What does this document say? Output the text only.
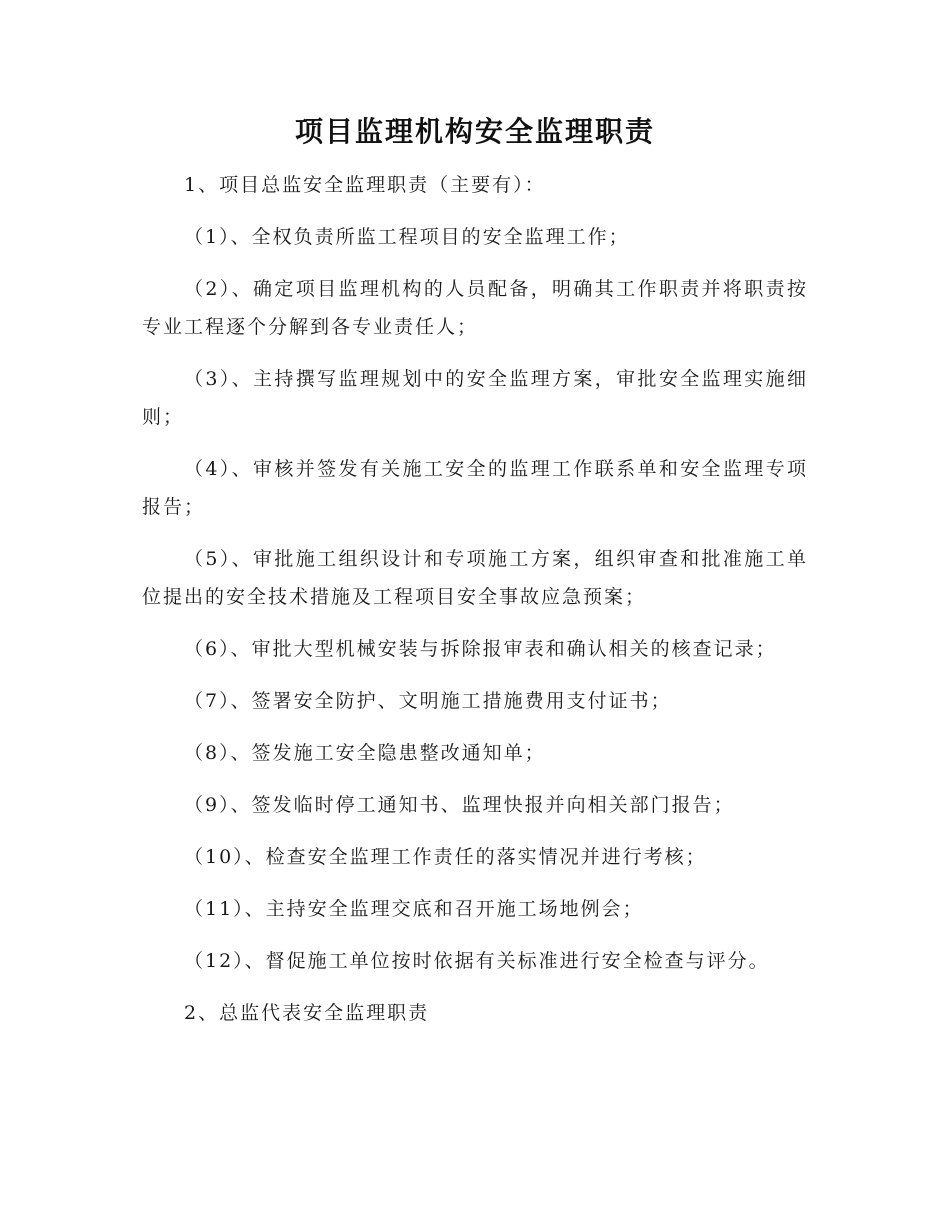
项目监理机构安全监理职责

1、项目总监安全监理职责（主要有）：

（1）、全权负责所监工程项目的安全监理工作；

（2）、确定项目监理机构的人员配备，明确其工作职责并将职责按专业工程逐个分解到各专业责任人；

（3）、主持撰写监理规划中的安全监理方案，审批安全监理实施细则；

（4）、审核并签发有关施工安全的监理工作联系单和安全监理专项报告；

（5）、审批施工组织设计和专项施工方案，组织审查和批准施工单位提出的安全技术措施及工程项目安全事故应急预案；

（6）、审批大型机械安装与拆除报审表和确认相关的核查记录；

（7）、签署安全防护、文明施工措施费用支付证书；

（8）、签发施工安全隐患整改通知单；

（9）、签发临时停工通知书、监理快报并向相关部门报告；

（10）、检查安全监理工作责任的落实情况并进行考核；

（11）、主持安全监理交底和召开施工场地例会；

（12）、督促施工单位按时依据有关标准进行安全检查与评分。

2、总监代表安全监理职责
